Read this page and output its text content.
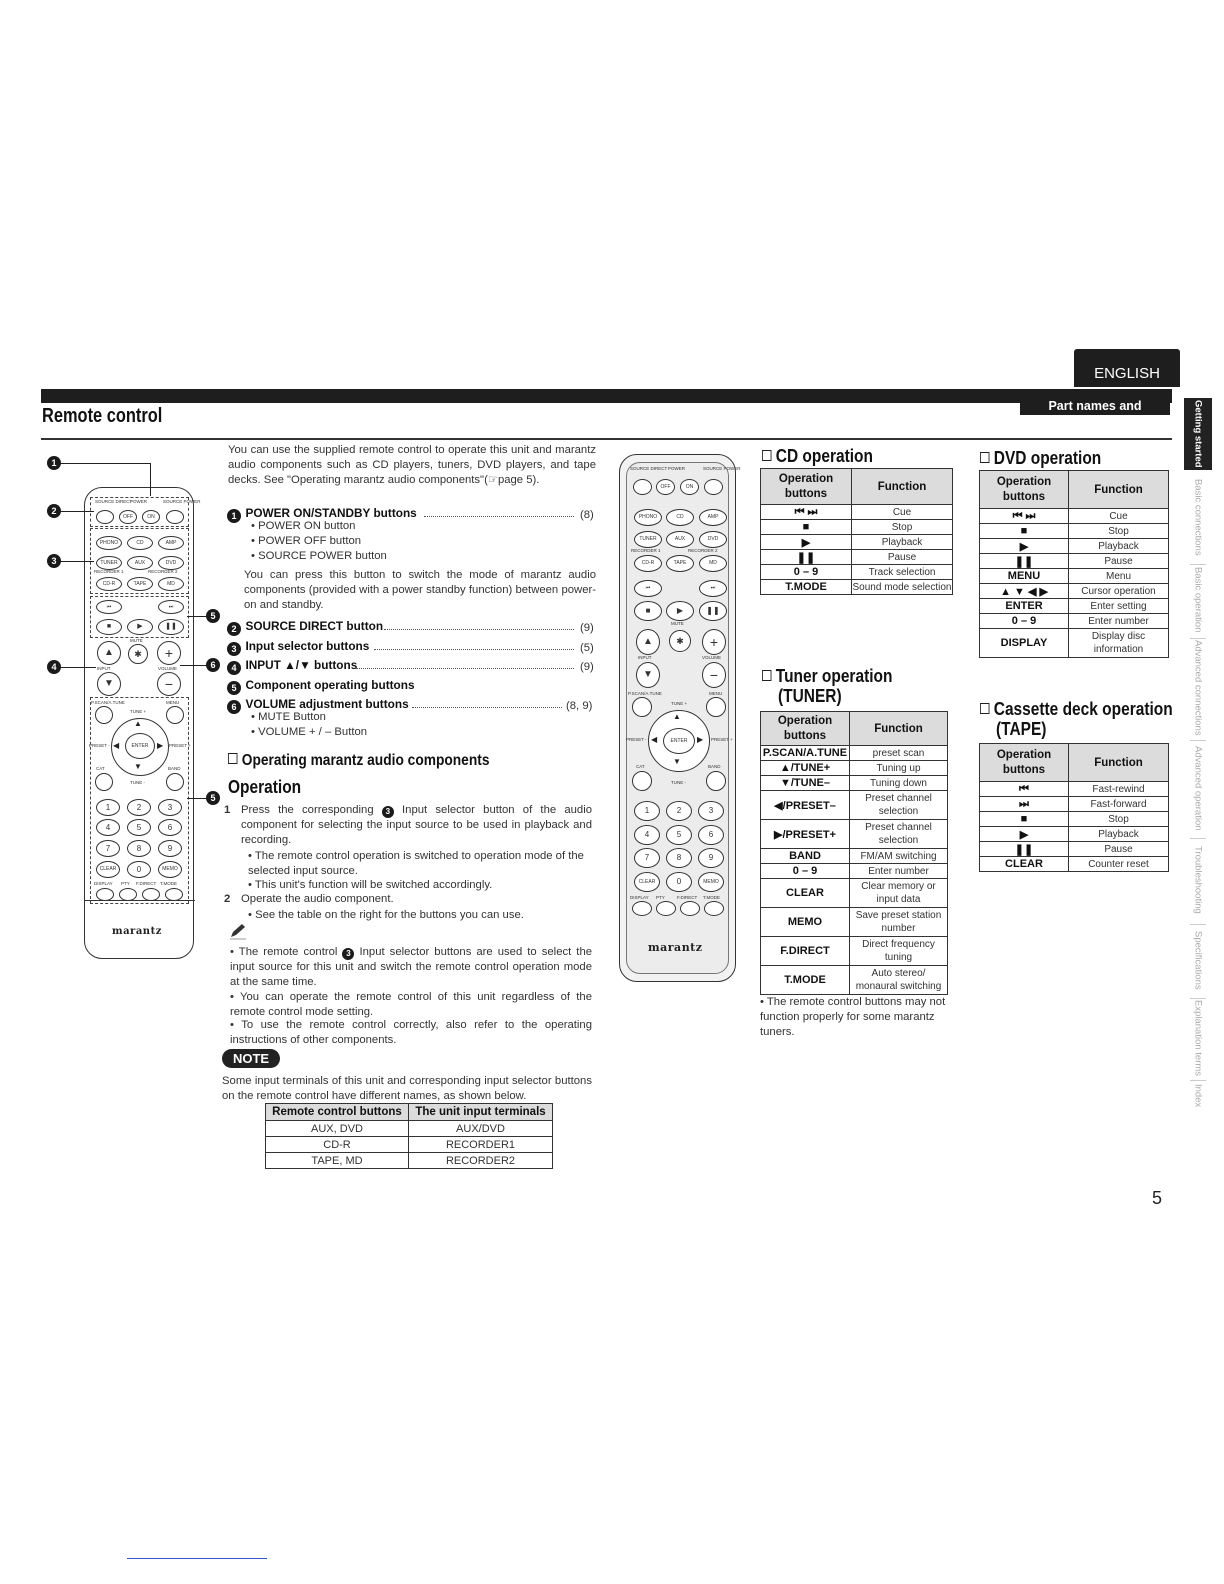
ENGLISH
Part names and functions
Remote control	Getting started
Basic connections
Basic operation
Advanced connections
Advanced operation
Troubleshooting
Specifications
Explanation terms
Index
SOURCE DIRECT
POWER	SOURCE POWER
OFF	ON
PHONO	CD	AMP
TUNER	AUX	DVD
RECORDER 1	RECORDER 2
CD-R	TAPE	MD
⏮	⏭
■	▶	❚❚
MUTE
▲	✱	+
INPUT	VOLUME
▼	−
P.SCAN/A.TUNE	MENU
TUNE +
▲
▼
◀	▶
ENTER
PRESET -	PRESET +
CAT	BAND
TUNE -
1	2	3
4	5	6
7	8	9
CLEAR	0	MEMO
DISPLAY PTY F.DIRECT T.MODE
marantz
1
2
3
4
5
6
5
You can use the supplied remote control to operate this unit and marantz audio components such as CD players, tuners, DVD players, and tape decks. See "Operating marantz audio components"(☞page 5).
1 POWER ON/STANDBY buttons	(8)
• POWER ON button
• POWER OFF button
• SOURCE POWER button
You can press this button to switch the mode of marantz audio components (provided with a power standby function) between power-on and standby.
2 SOURCE DIRECT button	(9)
3 Input selector buttons	(5)
4 INPUT ▲/▼ buttons	(9)
5 Component operating buttons
6 VOLUME adjustment buttons	(8, 9)
• MUTE Button
• VOLUME + / – Button
Operating marantz audio components
Operation
1 Press the corresponding 3 Input selector button of the audio component for selecting the input source to be used in playback and recording.
• The remote control operation is switched to operation mode of the selected input source.
• This unit's function will be switched accordingly.
2 Operate the audio component.
• See the table on the right for the buttons you can use.
• The remote control 3 Input selector buttons are used to select the input source for this unit and switch the remote control operation mode at the same time.
• You can operate the remote control of this unit regardless of the remote control mode setting.
• To use the remote control correctly, also refer to the operating instructions of other components.
NOTE
Some input terminals of this unit and corresponding input selector buttons on the remote control have different names, as shown below.
Remote control buttons	The unit input terminals
AUX, DVD	AUX/DVD
CD-R	RECORDER1
TAPE, MD	RECORDER2
SOURCE DIRECT POWER	SOURCE POWER
OFF	ON
PHONO	CD	AMP
TUNER	AUX	DVD
RECORDER 1	RECORDER 2
CD-R	TAPE	MD
⏮	⏭
■	▶	❚❚
MUTE
▲	✱	+
INPUT	VOLUME
▼	−
P.SCAN/A.TUNE	MENU
TUNE +
▲
▼
◀	▶
ENTER
PRESET -	PRESET +
CAT	BAND
TUNE -
1	2	3
4	5	6
7	8	9
CLEAR	0	MEMO
DISPLAY PTY	F.DIRECT T.MODE
marantz
CD operation
Operation buttons	Function
⏮ ⏭	Cue
■	Stop
▶	Playback
❚❚	Pause
0 – 9	Track selection
T.MODE	Sound mode selection
Tuner operation
(TUNER)
Operation buttons	Function
P.SCAN/A.TUNE	preset scan
▲/TUNE+	Tuning up
▼/TUNE–	Tuning down
◀/PRESET–	Preset channel selection
▶/PRESET+	Preset channel selection
BAND	FM/AM switching
0 – 9	Enter number
CLEAR	Clear memory or input data
MEMO	Save preset station number
F.DIRECT	Direct frequency tuning
T.MODE	Auto stereo/ monaural switching
• The remote control buttons may not function properly for some marantz tuners.
DVD operation
Operation buttons	Function
⏮ ⏭	Cue
■	Stop
▶	Playback
❚❚	Pause
MENU	Menu
▲ ▼ ◀ ▶	Cursor operation
ENTER	Enter setting
0 – 9	Enter number
DISPLAY	Display disc information
Cassette deck operation
(TAPE)
Operation buttons	Function
⏮	Fast-rewind
⏭	Fast-forward
■	Stop
▶	Playback
❚❚	Pause
CLEAR	Counter reset
5
